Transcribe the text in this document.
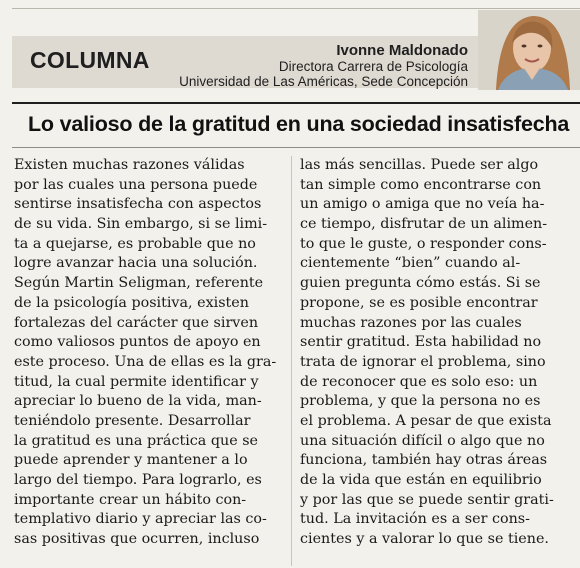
COLUMNA	Ivonne Maldonado
Directora Carrera de Psicología
Universidad de Las Américas, Sede Concepción
Lo valioso de la gratitud en una sociedad insatisfecha
Existen muchas razones válidas
por las cuales una persona puede
sentirse insatisfecha con aspectos
de su vida. Sin embargo, si se limi-
ta a quejarse, es probable que no
logre avanzar hacia una solución.
Según Martin Seligman, referente
de la psicología positiva, existen
fortalezas del carácter que sirven
como valiosos puntos de apoyo en
este proceso. Una de ellas es la gra-
titud, la cual permite identificar y
apreciar lo bueno de la vida, man-
teniéndolo presente. Desarrollar
la gratitud es una práctica que se
puede aprender y mantener a lo
largo del tiempo. Para lograrlo, es
importante crear un hábito con-
templativo diario y apreciar las co-
sas positivas que ocurren, incluso
las más sencillas. Puede ser algo
tan simple como encontrarse con
un amigo o amiga que no veía ha-
ce tiempo, disfrutar de un alimen-
to que le guste, o responder cons-
cientemente “bien” cuando al-
guien pregunta cómo estás. Si se
propone, se es posible encontrar
muchas razones por las cuales
sentir gratitud. Esta habilidad no
trata de ignorar el problema, sino
de reconocer que es solo eso: un
problema, y que la persona no es
el problema. A pesar de que exista
una situación difícil o algo que no
funciona, también hay otras áreas
de la vida que están en equilibrio
y por las que se puede sentir grati-
tud. La invitación es a ser cons-
cientes y a valorar lo que se tiene.
